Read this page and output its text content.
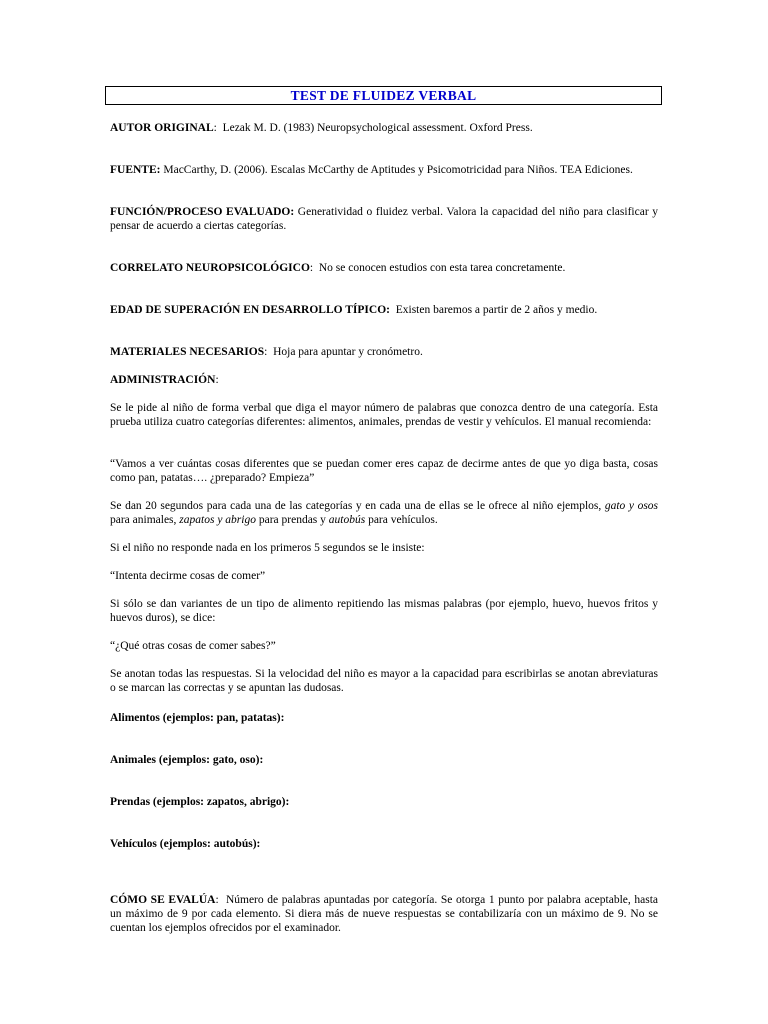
TEST DE FLUIDEZ VERBAL

AUTOR ORIGINAL:  Lezak M. D. (1983) Neuropsychological assessment. Oxford Press.

FUENTE: MacCarthy, D. (2006). Escalas McCarthy de Aptitudes y Psicomotricidad para Niños. TEA Ediciones.

FUNCIÓN/PROCESO EVALUADO: Generatividad o fluidez verbal. Valora la capacidad del niño para clasificar y pensar de acuerdo a ciertas categorías.

CORRELATO NEUROPSICOLÓGICO:  No se conocen estudios con esta tarea concretamente.

EDAD DE SUPERACIÓN EN DESARROLLO TÍPICO: Existen baremos a partir de 2 años y medio.

MATERIALES NECESARIOS:  Hoja para apuntar y cronómetro.

ADMINISTRACIÓN:

Se le pide al niño de forma verbal que diga el mayor número de palabras que conozca dentro de una categoría. Esta prueba utiliza cuatro categorías diferentes: alimentos, animales, prendas de vestir y vehículos. El manual recomienda:

“Vamos a ver cuántas cosas diferentes que se puedan comer eres capaz de decirme antes de que yo diga basta, cosas como pan, patatas…. ¿preparado? Empieza”

Se dan 20 segundos para cada una de las categorías y en cada una de ellas se le ofrece al niño ejemplos, gato y osos para animales, zapatos y abrigo para prendas y autobús para vehículos.

Si el niño no responde nada en los primeros 5 segundos se le insiste:

“Intenta decirme cosas de comer”

Si sólo se dan variantes de un tipo de alimento repitiendo las mismas palabras (por ejemplo, huevo, huevos fritos y huevos duros), se dice:

“¿Qué otras cosas de comer sabes?”

Se anotan todas las respuestas. Si la velocidad del niño es mayor a la capacidad para escribirlas se anotan abreviaturas o se marcan las correctas y se apuntan las dudosas.

Alimentos (ejemplos: pan, patatas):

Animales (ejemplos: gato, oso):

Prendas (ejemplos: zapatos, abrigo):

Vehículos (ejemplos: autobús):

CÓMO SE EVALÚA:  Número de palabras apuntadas por categoría. Se otorga 1 punto por palabra aceptable, hasta un máximo de 9 por cada elemento. Si diera más de nueve respuestas se contabilizaría con un máximo de 9. No se cuentan los ejemplos ofrecidos por el examinador.
